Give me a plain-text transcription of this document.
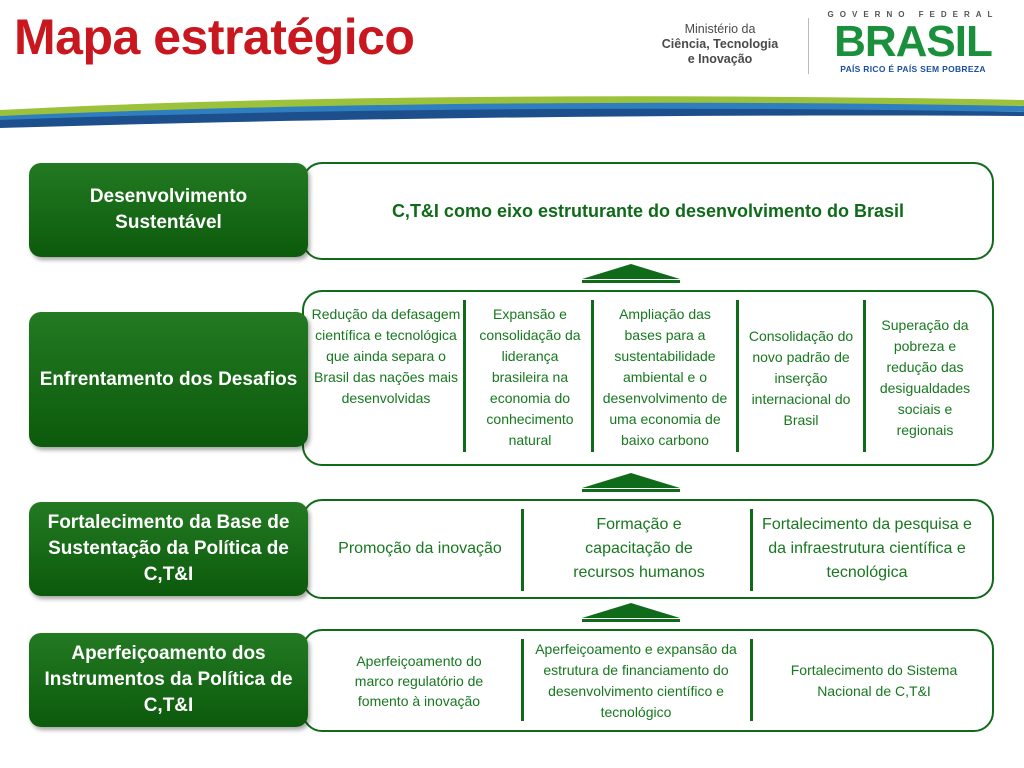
Mapa estratégico	Ministério da
Ciência, Tecnologia
e Inovação
GOVERNO FEDERAL
BRASIL
PAÍS RICO É PAÍS SEM POBREZA
C,T&I como eixo estruturante do desenvolvimento do Brasil
Desenvolvimento Sustentável
Redução da defasagem científica e tecnológica que ainda separa o Brasil das nações mais desenvolvidas
Expansão e consolidação da liderança brasileira na economia do conhecimento natural
Ampliação das bases para a sustentabilidade ambiental e o desenvolvimento de uma economia de baixo carbono
Consolidação do novo padrão de inserção internacional do Brasil
Superação da pobreza e redução das desigualdades sociais e regionais
Enfrentamento dos Desafios
Promoção da inovação
Formação e capacitação de recursos humanos
Fortalecimento da pesquisa e da infraestrutura científica e tecnológica
Fortalecimento da Base de Sustentação da Política de C,T&I
Aperfeiçoamento do marco regulatório de fomento à inovação
Aperfeiçoamento e expansão da estrutura de financiamento do desenvolvimento científico e tecnológico
Fortalecimento do Sistema Nacional de C,T&I
Aperfeiçoamento dos Instrumentos da Política de C,T&I
